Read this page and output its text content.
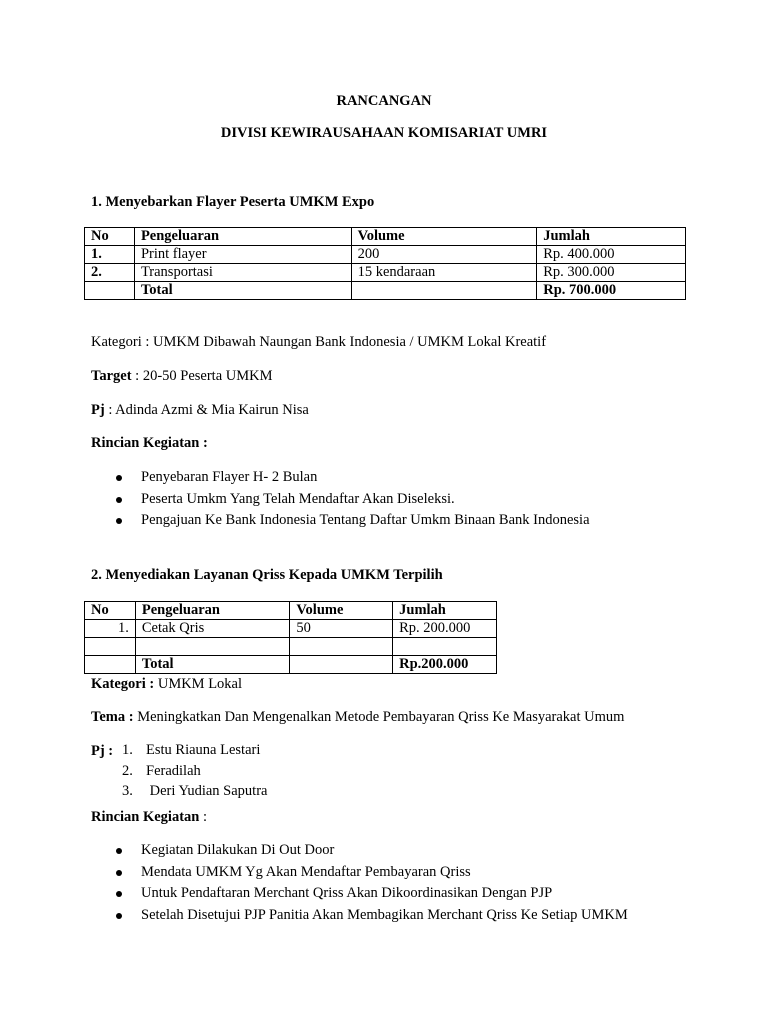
RANCANGAN
DIVISI KEWIRAUSAHAAN KOMISARIAT UMRI
1. Menyebarkan Flayer Peserta UMKM Expo
No	Pengeluaran	Volume	Jumlah
1.	Print flayer	200	Rp. 400.000
2.	Transportasi	15 kendaraan	Rp. 300.000
	Total		Rp. 700.000
Kategori : UMKM Dibawah Naungan Bank Indonesia / UMKM Lokal Kreatif
Target : 20-50 Peserta UMKM
Pj : Adinda Azmi & Mia Kairun Nisa
Rincian Kegiatan :
Penyebaran Flayer H- 2 Bulan
Peserta Umkm Yang Telah Mendaftar Akan Diseleksi.
Pengajuan Ke Bank Indonesia Tentang Daftar Umkm Binaan Bank Indonesia
2. Menyediakan Layanan Qriss Kepada UMKM Terpilih
No	Pengeluaran	Volume	Jumlah
1.	Cetak Qris	50	Rp. 200.000

	Total		Rp.200.000
Kategori : UMKM Lokal
Tema : Meningkatkan Dan Mengenalkan Metode Pembayaran Qriss Ke Masyarakat Umum
Pj : 1. Estu Riauna Lestari
2. Feradilah
3. Deri Yudian Saputra
Rincian Kegiatan :
Kegiatan Dilakukan Di Out Door
Mendata UMKM Yg Akan Mendaftar Pembayaran Qriss
Untuk Pendaftaran Merchant Qriss Akan Dikoordinasikan Dengan PJP
Setelah Disetujui PJP Panitia Akan Membagikan Merchant Qriss Ke Setiap UMKM
